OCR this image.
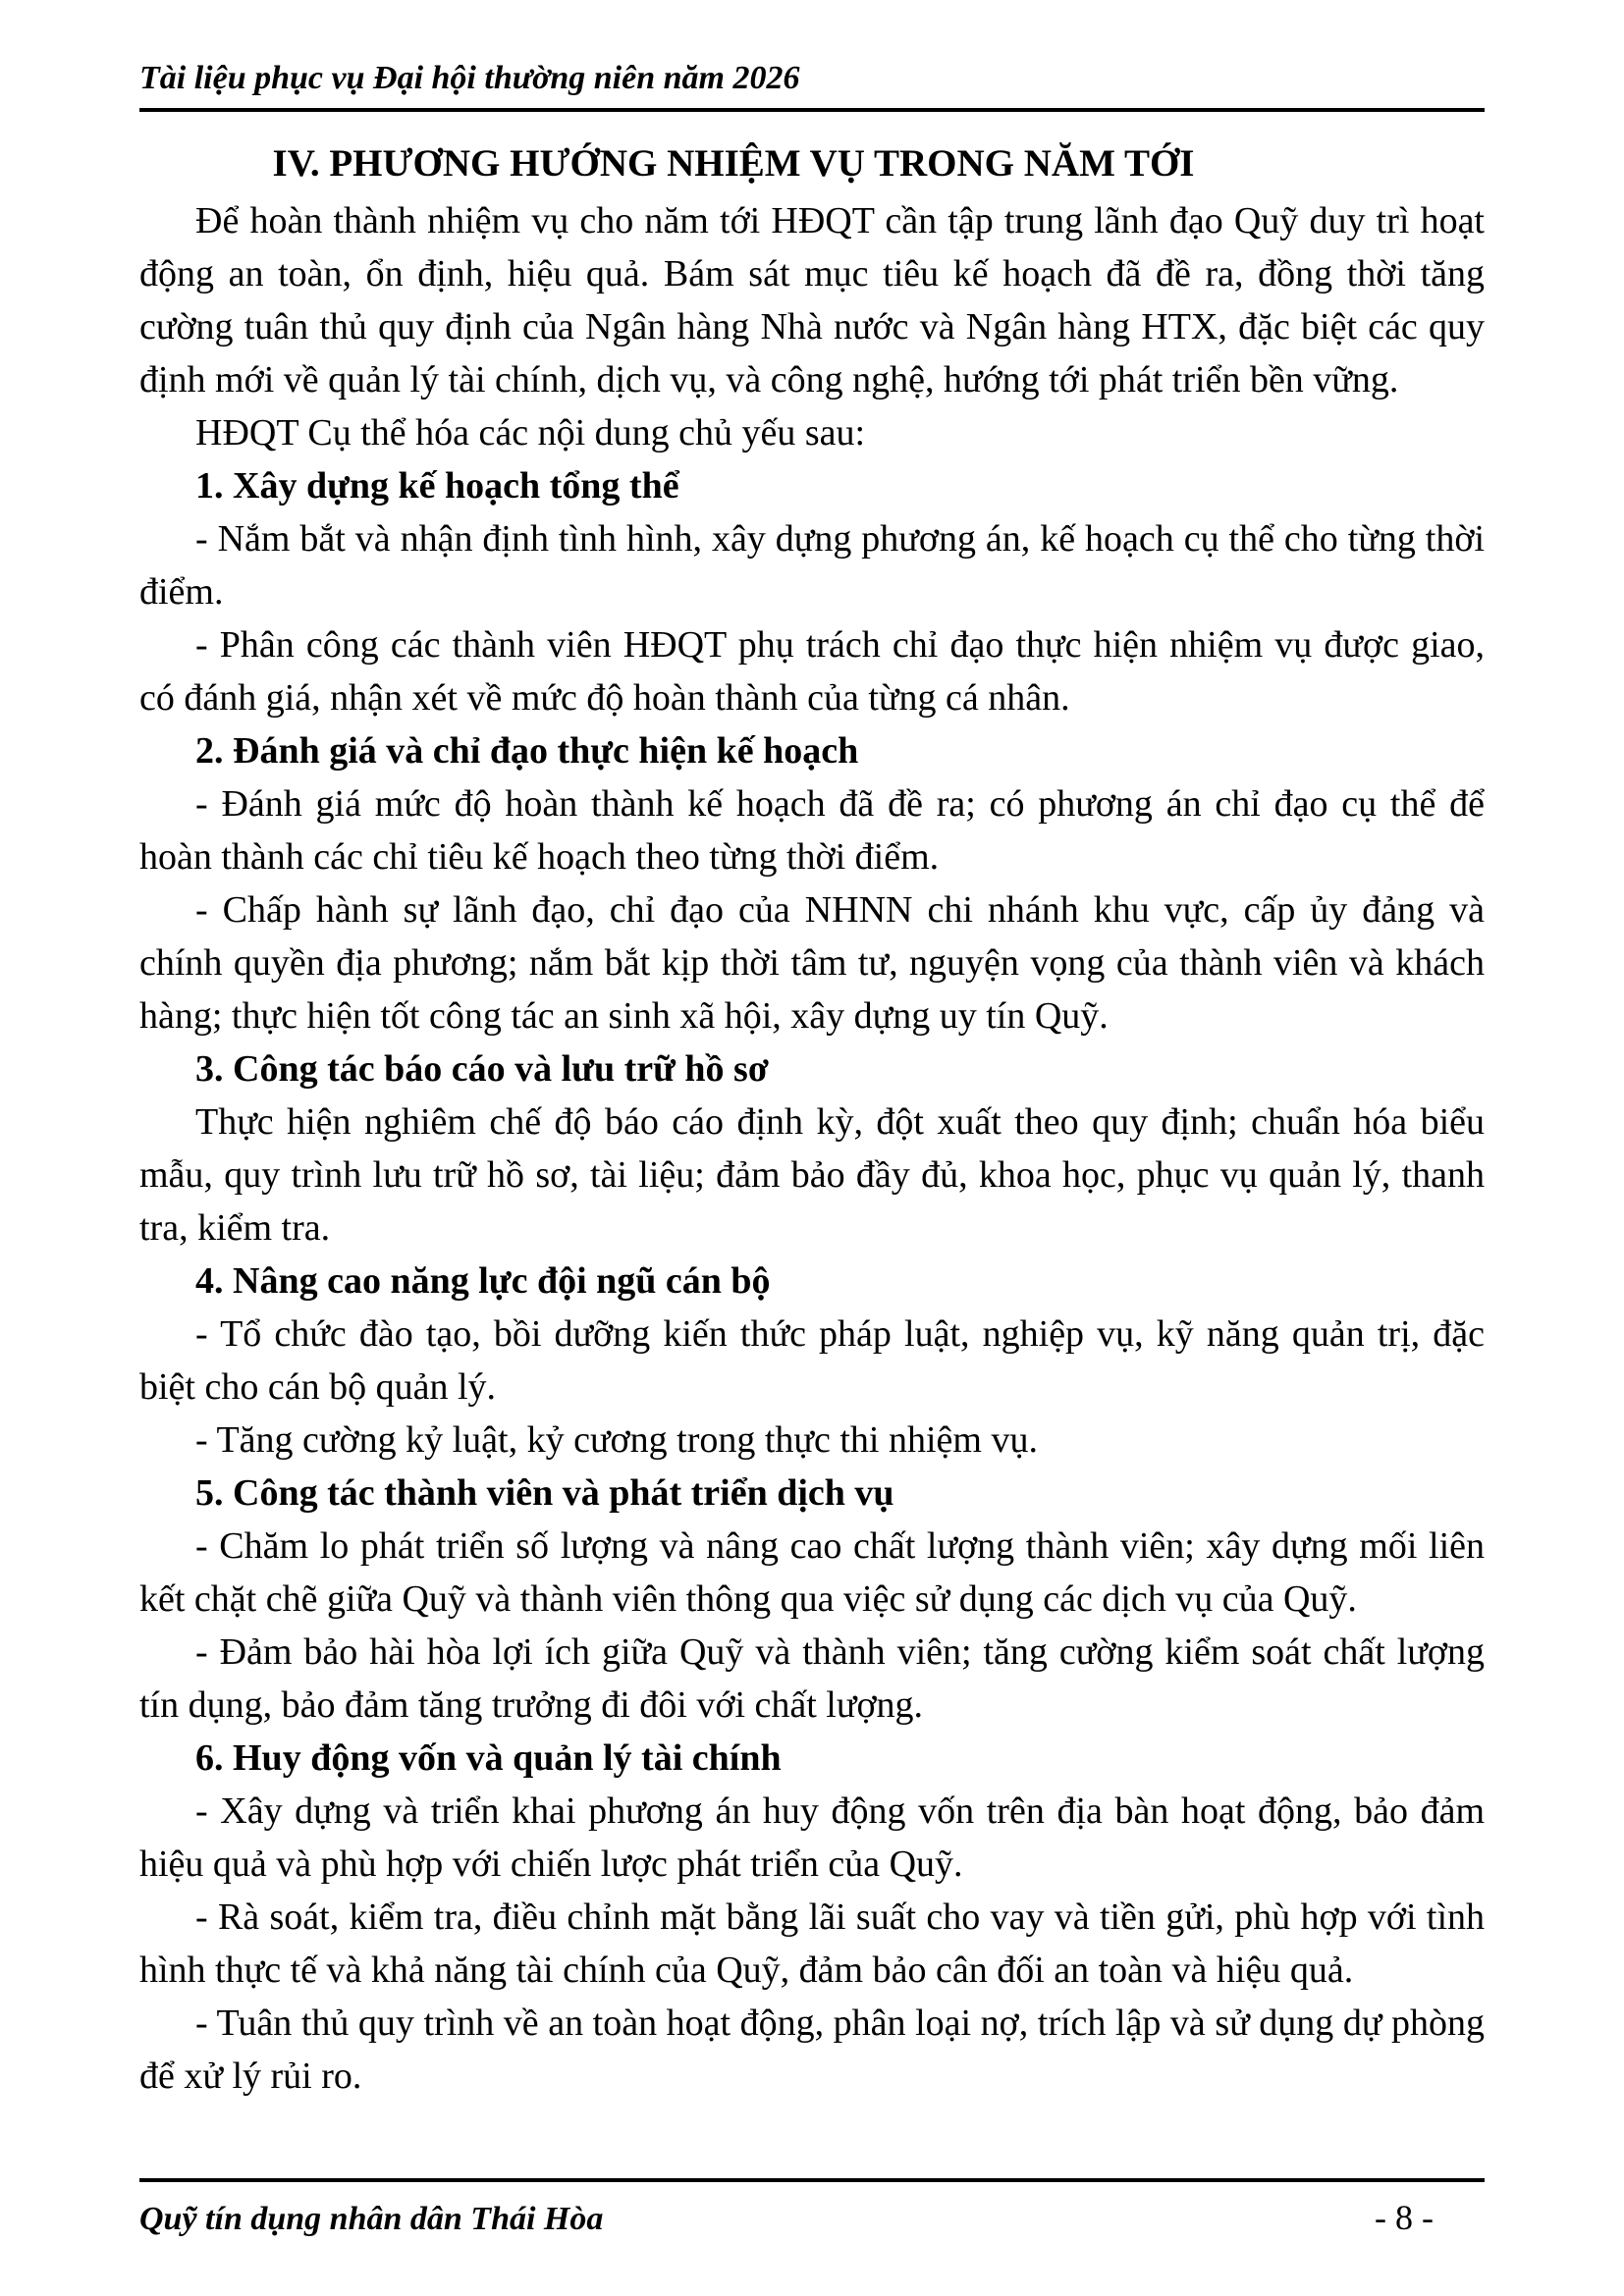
Tài liệu phục vụ Đại hội thường niên năm 2026
IV. PHƯƠNG HƯỚNG NHIỆM VỤ TRONG NĂM TỚI

Để hoàn thành nhiệm vụ cho năm tới HĐQT cần tập trung lãnh đạo Quỹ duy trì hoạt động an toàn, ổn định, hiệu quả. Bám sát mục tiêu kế hoạch đã đề ra, đồng thời tăng cường tuân thủ quy định của Ngân hàng Nhà nước và Ngân hàng HTX, đặc biệt các quy định mới về quản lý tài chính, dịch vụ, và công nghệ, hướng tới phát triển bền vững.

HĐQT Cụ thể hóa các nội dung chủ yếu sau:

1. Xây dựng kế hoạch tổng thể

- Nắm bắt và nhận định tình hình, xây dựng phương án, kế hoạch cụ thể cho từng thời điểm.

- Phân công các thành viên HĐQT phụ trách chỉ đạo thực hiện nhiệm vụ được giao, có đánh giá, nhận xét về mức độ hoàn thành của từng cá nhân.

2. Đánh giá và chỉ đạo thực hiện kế hoạch

- Đánh giá mức độ hoàn thành kế hoạch đã đề ra; có phương án chỉ đạo cụ thể để hoàn thành các chỉ tiêu kế hoạch theo từng thời điểm.

- Chấp hành sự lãnh đạo, chỉ đạo của NHNN chi nhánh khu vực, cấp ủy đảng và chính quyền địa phương; nắm bắt kịp thời tâm tư, nguyện vọng của thành viên và khách hàng; thực hiện tốt công tác an sinh xã hội, xây dựng uy tín Quỹ.

3. Công tác báo cáo và lưu trữ hồ sơ

Thực hiện nghiêm chế độ báo cáo định kỳ, đột xuất theo quy định; chuẩn hóa biểu mẫu, quy trình lưu trữ hồ sơ, tài liệu; đảm bảo đầy đủ, khoa học, phục vụ quản lý, thanh tra, kiểm tra.

4. Nâng cao năng lực đội ngũ cán bộ

- Tổ chức đào tạo, bồi dưỡng kiến thức pháp luật, nghiệp vụ, kỹ năng quản trị, đặc biệt cho cán bộ quản lý.

- Tăng cường kỷ luật, kỷ cương trong thực thi nhiệm vụ.

5. Công tác thành viên và phát triển dịch vụ

- Chăm lo phát triển số lượng và nâng cao chất lượng thành viên; xây dựng mối liên kết chặt chẽ giữa Quỹ và thành viên thông qua việc sử dụng các dịch vụ của Quỹ.

- Đảm bảo hài hòa lợi ích giữa Quỹ và thành viên; tăng cường kiểm soát chất lượng tín dụng, bảo đảm tăng trưởng đi đôi với chất lượng.

6. Huy động vốn và quản lý tài chính

- Xây dựng và triển khai phương án huy động vốn trên địa bàn hoạt động, bảo đảm hiệu quả và phù hợp với chiến lược phát triển của Quỹ.

- Rà soát, kiểm tra, điều chỉnh mặt bằng lãi suất cho vay và tiền gửi, phù hợp với tình hình thực tế và khả năng tài chính của Quỹ, đảm bảo cân đối an toàn và hiệu quả.

- Tuân thủ quy trình về an toàn hoạt động, phân loại nợ, trích lập và sử dụng dự phòng để xử lý rủi ro.

Quỹ tín dụng nhân dân Thái Hòa	- 8 -
